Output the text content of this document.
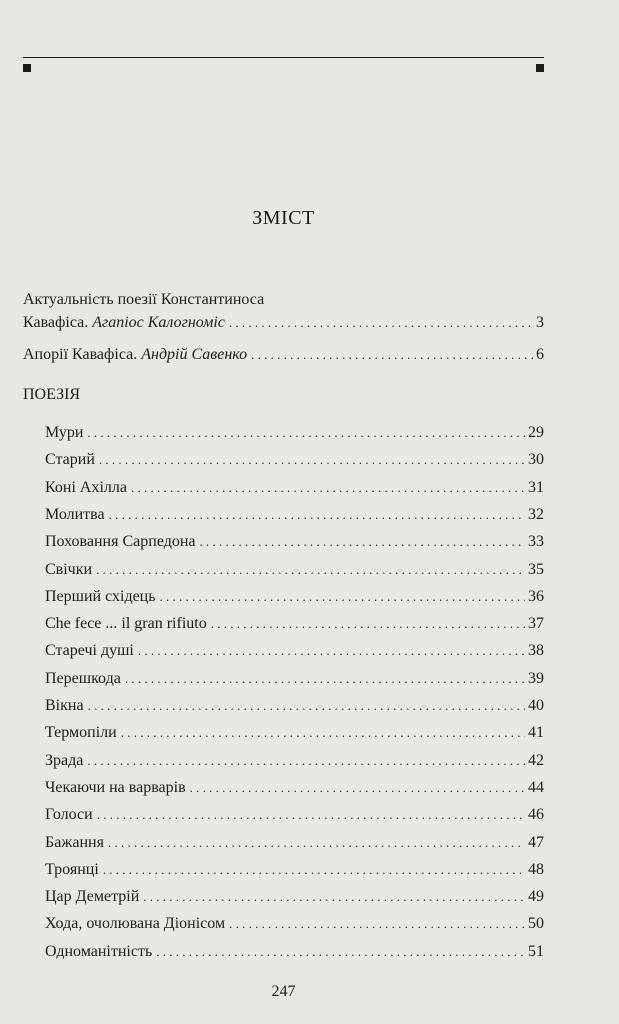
ЗМІСТ
Актуальність поезії Константиноса
Кавафіса. Агапіос Калогноміс . . .	3
Апорії Кавафіса. Андрій Савенко . . .	6
ПОЕЗІЯ
Мури . . .	29
Старий . . .	30
Коні Ахілла . . .	31
Молитва . . .	32
Поховання Сарпедона . . .	33
Свічки . . .	35
Перший східець . . .	36
Che fece ... il gran rifiuto . . .	37
Старечі душі . . .	38
Перешкода . . .	39
Вікна . . .	40
Термопіли . . .	41
Зрада . . .	42
Чекаючи на варварів . . .	44
Голоси . . .	46
Бажання . . .	47
Троянці . . .	48
Цар Деметрій . . .	49
Хода, очолювана Діонісом . . .	50
Одноманітність . . .	51
247
